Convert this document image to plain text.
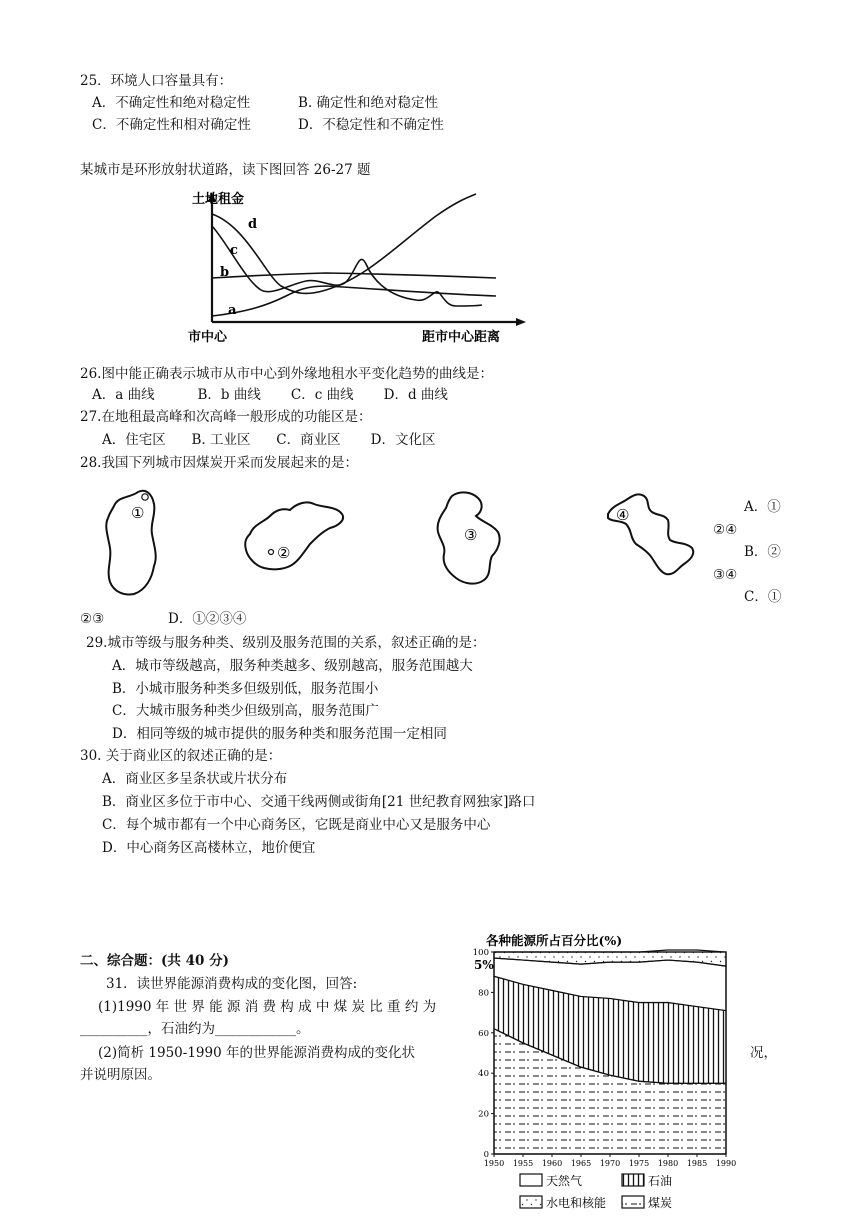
25．环境人口容量具有：
A．不确定性和绝对稳定性	B. 确定性和绝对稳定性
C．不确定性和相对确定性	D．不稳定性和不确定性
某城市是环形放射状道路，读下图回答 26-27 题
土地租金
市中心	距市中心距离
d
c
b
a
26.图中能正确表示城市从市中心到外缘地租水平变化趋势的曲线是：
A．a 曲线          B．b 曲线       C．c 曲线       D．d 曲线
27.在地租最高峰和次高峰一般形成的功能区是：
A．住宅区      B. 工业区      C．商业区       D．文化区
28.我国下列城市因煤炭开采而发展起来的是：
①
②
③
④	A．①
②④
B．②
③④
C．①
②③	D．①②③④
29.城市等级与服务种类、级别及服务范围的关系，叙述正确的是：
A．城市等级越高，服务种类越多、级别越高，服务范围越大
B．小城市服务种类多但级别低，服务范围小
C．大城市服务种类少但级别高，服务范围广
D．相同等级的城市提供的服务种类和服务范围一定相同
30. 关于商业区的叙述正确的是：
A．商业区多呈条状或片状分布
B．商业区多位于市中心、交通干线两侧或街角[21 世纪教育网独家]路口
C．每个城市都有一个中心商务区，它既是商业中心又是服务中心
D．中心商务区高楼林立，地价便宜
二、综合题：(共 40 分)
31．读世界能源消费构成的变化图，回答:
(1)1990 年 世 界 能 源 消 费 构 成 中 煤 炭 比 重 约 为
__________，石油约为____________。
(2)简析 1950-1990 年的世界能源消费构成的变化状	况，
并说明原因。
各种能源所占百分比(%)
5%
0
20
40
60
80
100
1950 1955 1960 1965 1970 1975 1980 1985 1990
天然气	石油
水电和核能	煤炭
